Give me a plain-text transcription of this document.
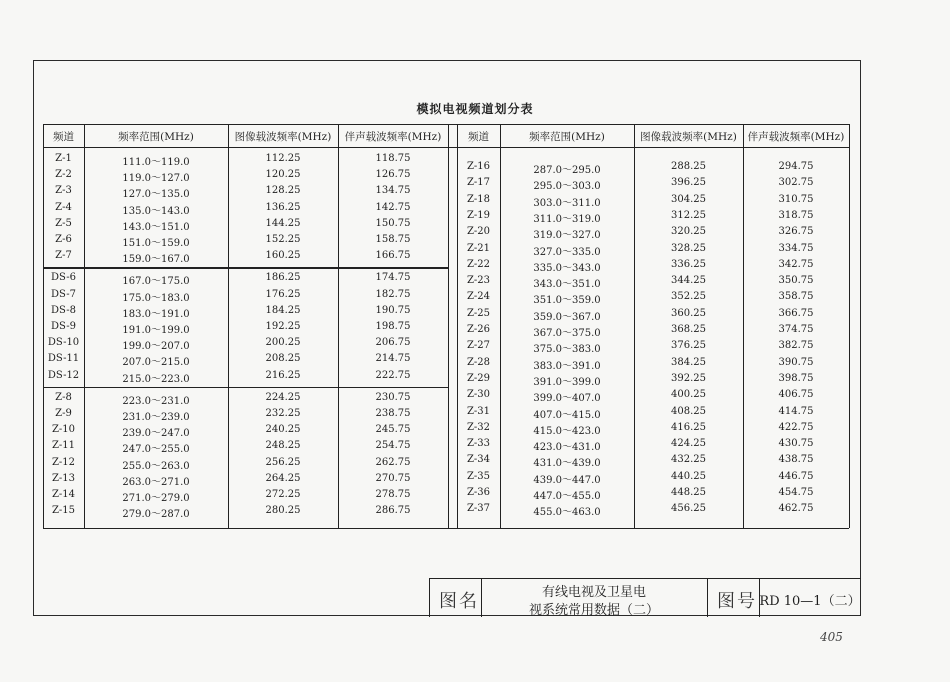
模拟电视频道划分表
频道	频率范围(MHz)	图像载波频率(MHz)	伴声载波频率(MHz)	频道	频率范围(MHz)	图像载波频率(MHz)	伴声载波频率(MHz)
Z-1	111.0～119.0	112.25	118.75
Z-2	119.0～127.0	120.25	126.75
Z-3	127.0～135.0	128.25	134.75
Z-4	135.0～143.0	136.25	142.75
Z-5	143.0～151.0	144.25	150.75
Z-6	151.0～159.0	152.25	158.75
Z-7	159.0～167.0	160.25	166.75
DS-6	167.0～175.0	186.25	174.75
DS-7	175.0～183.0	176.25	182.75
DS-8	183.0～191.0	184.25	190.75
DS-9	191.0～199.0	192.25	198.75
DS-10	199.0～207.0	200.25	206.75
DS-11	207.0～215.0	208.25	214.75
DS-12	215.0～223.0	216.25	222.75
Z-8	223.0～231.0	224.25	230.75
Z-9	231.0～239.0	232.25	238.75
Z-10	239.0～247.0	240.25	245.75
Z-11	247.0～255.0	248.25	254.75
Z-12	255.0～263.0	256.25	262.75
Z-13	263.0～271.0	264.25	270.75
Z-14	271.0～279.0	272.25	278.75
Z-15	279.0～287.0	280.25	286.75
Z-16	287.0～295.0	288.25	294.75
Z-17	295.0～303.0	396.25	302.75
Z-18	303.0～311.0	304.25	310.75
Z-19	311.0～319.0	312.25	318.75
Z-20	319.0～327.0	320.25	326.75
Z-21	327.0～335.0	328.25	334.75
Z-22	335.0～343.0	336.25	342.75
Z-23	343.0～351.0	344.25	350.75
Z-24	351.0～359.0	352.25	358.75
Z-25	359.0～367.0	360.25	366.75
Z-26	367.0～375.0	368.25	374.75
Z-27	375.0～383.0	376.25	382.75
Z-28	383.0～391.0	384.25	390.75
Z-29	391.0～399.0	392.25	398.75
Z-30	399.0～407.0	400.25	406.75
Z-31	407.0～415.0	408.25	414.75
Z-32	415.0～423.0	416.25	422.75
Z-33	423.0～431.0	424.25	430.75
Z-34	431.0～439.0	432.25	438.75
Z-35	439.0～447.0	440.25	446.75
Z-36	447.0～455.0	448.25	454.75
Z-37	455.0～463.0	456.25	462.75
图名	有线电视及卫星电
视系统常用数据（二）	图号 RD 10—1（二）
405
